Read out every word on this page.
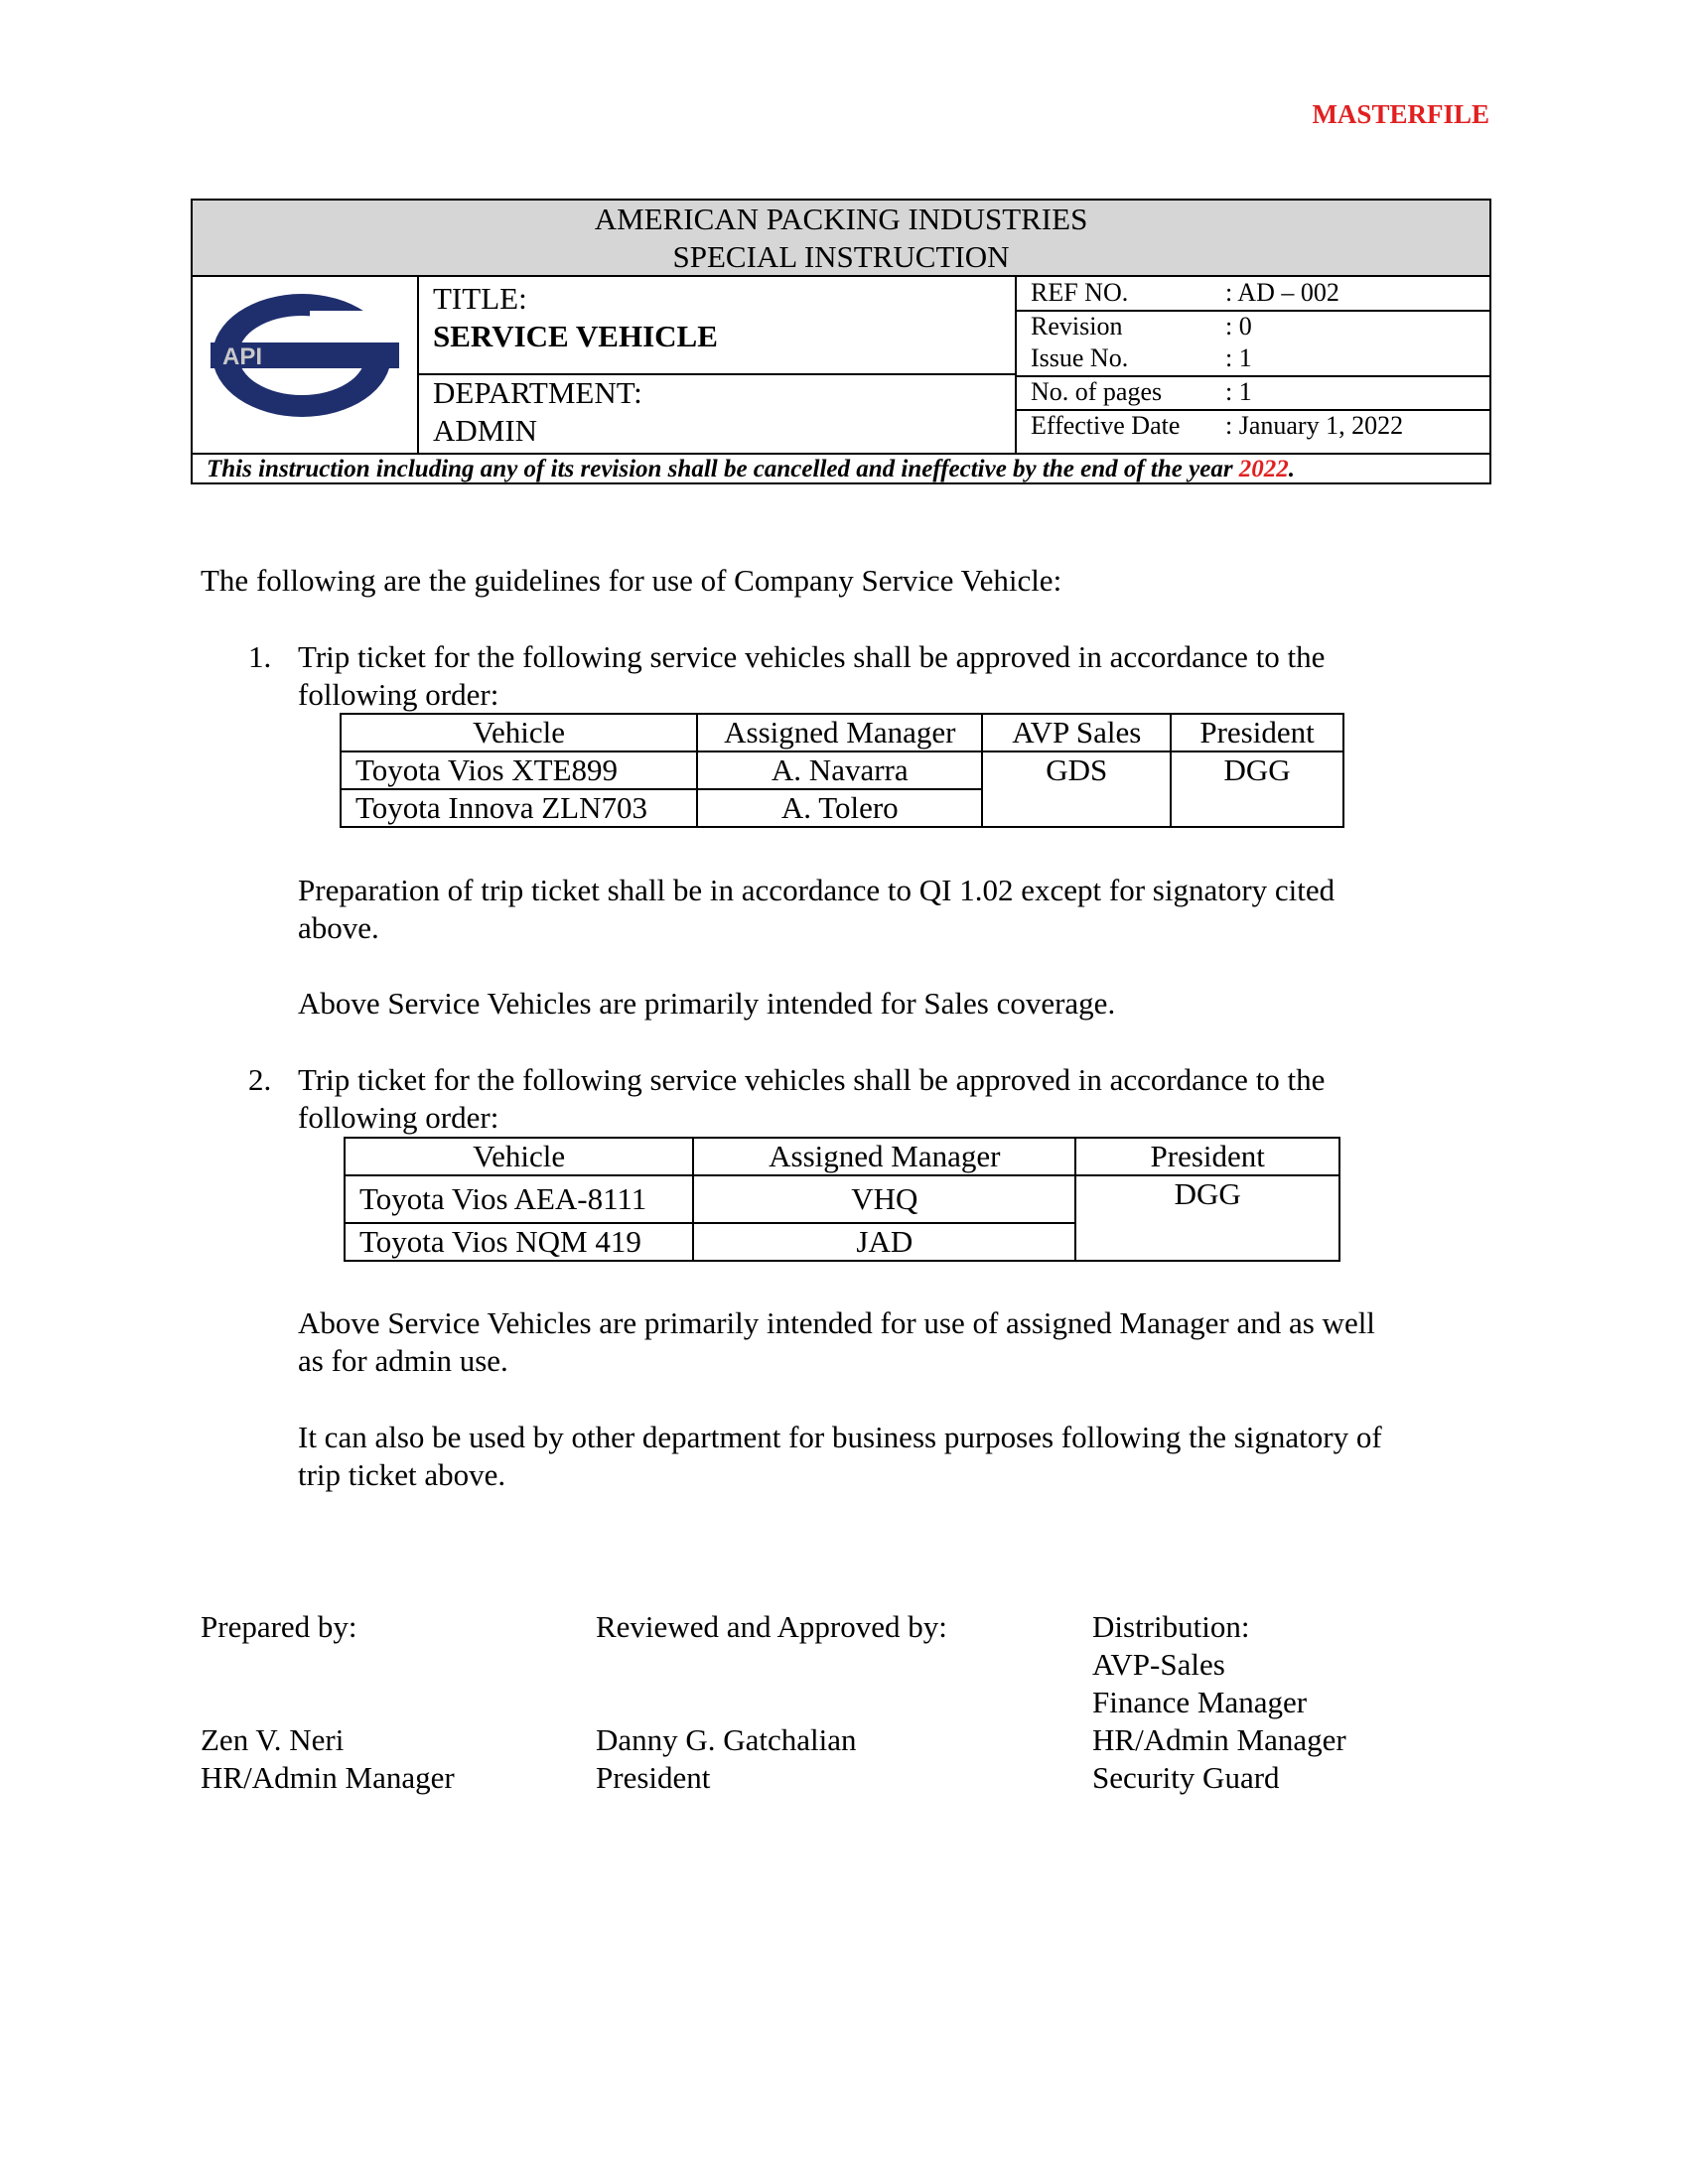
MASTERFILE
AMERICAN PACKING INDUSTRIES
SPECIAL INSTRUCTION
API
TITLE:
SERVICE VEHICLE
DEPARTMENT:
ADMIN
REF NO.	: AD – 002
Revision	: 0
Issue No.	: 1
No. of pages : 1
Effective Date : January 1, 2022
This instruction including any of its revision shall be cancelled and ineffective by the end of the year 2022.
The following are the guidelines for use of Company Service Vehicle:
1. Trip ticket for the following service vehicles shall be approved in accordance to the
following order:
Vehicle	Assigned Manager	AVP Sales	President
Toyota Vios XTE899	A. Navarra	GDS	DGG
Toyota Innova ZLN703	A. Tolero		
Preparation of trip ticket shall be in accordance to QI 1.02 except for signatory cited
above.
Above Service Vehicles are primarily intended for Sales coverage.
2. Trip ticket for the following service vehicles shall be approved in accordance to the
following order:
Vehicle	Assigned Manager	President
Toyota Vios AEA-8111	VHQ	DGG
Toyota Vios NQM 419	JAD	
Above Service Vehicles are primarily intended for use of assigned Manager and as well
as for admin use.
It can also be used by other department for business purposes following the signatory of
trip ticket above.
Prepared by:
Zen V. Neri
HR/Admin Manager
Reviewed and Approved by:
Danny G. Gatchalian
President
Distribution:
AVP-Sales
Finance Manager
HR/Admin Manager
Security Guard
